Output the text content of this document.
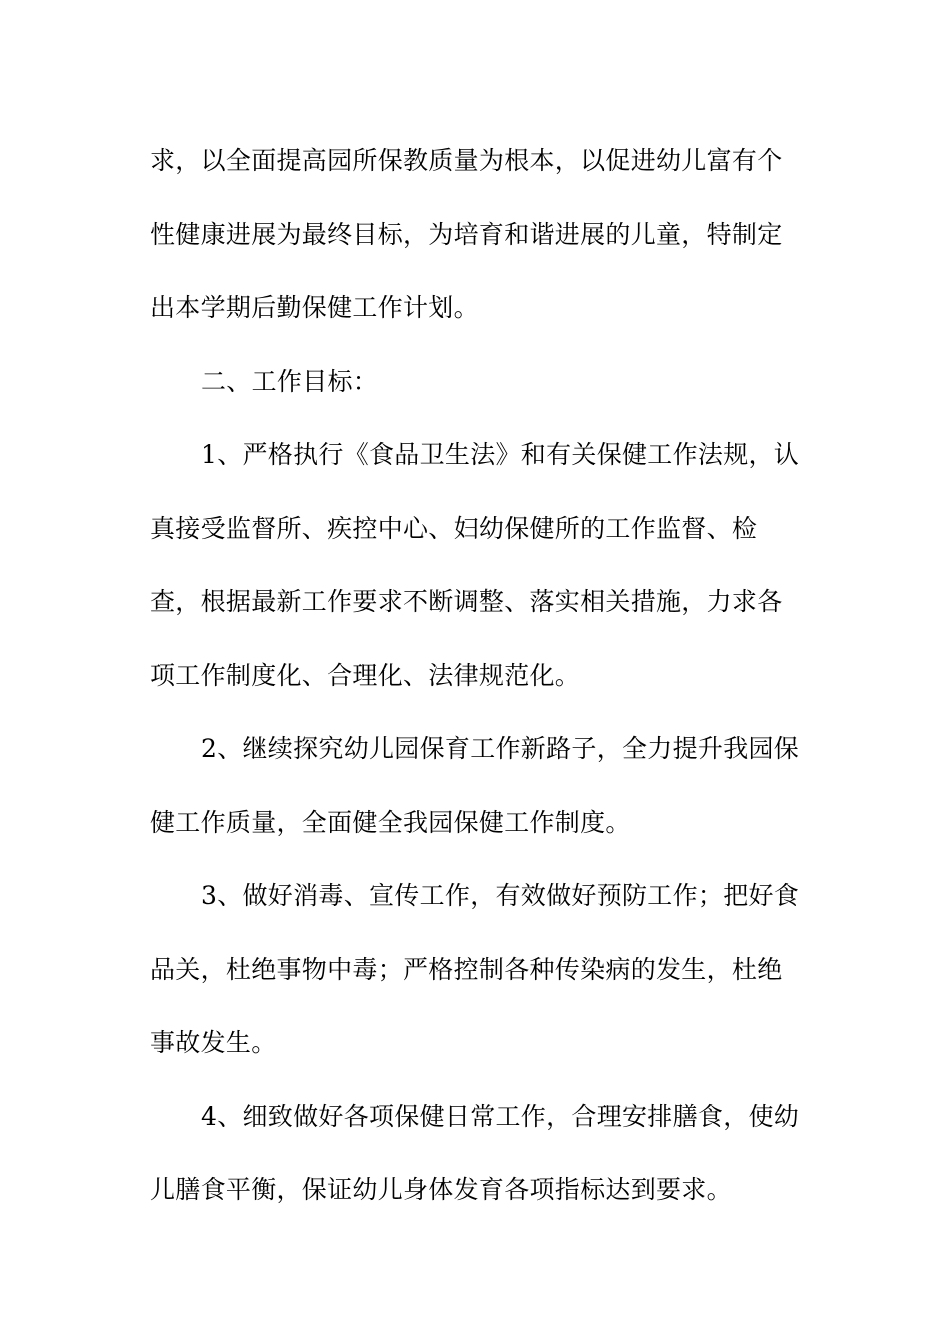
求，以全面提高园所保教质量为根本，以促进幼儿富有个
性健康进展为最终目标，为培育和谐进展的儿童，特制定
出本学期后勤保健工作计划。
二、工作目标：
1、严格执行《食品卫生法》和有关保健工作法规，认
真接受监督所、疾控中心、妇幼保健所的工作监督、检
查，根据最新工作要求不断调整、落实相关措施，力求各
项工作制度化、合理化、法律规范化。
2、继续探究幼儿园保育工作新路子，全力提升我园保
健工作质量，全面健全我园保健工作制度。
3、做好消毒、宣传工作，有效做好预防工作；把好食
品关，杜绝事物中毒；严格控制各种传染病的发生，杜绝
事故发生。
4、细致做好各项保健日常工作，合理安排膳食，使幼
儿膳食平衡，保证幼儿身体发育各项指标达到要求。
